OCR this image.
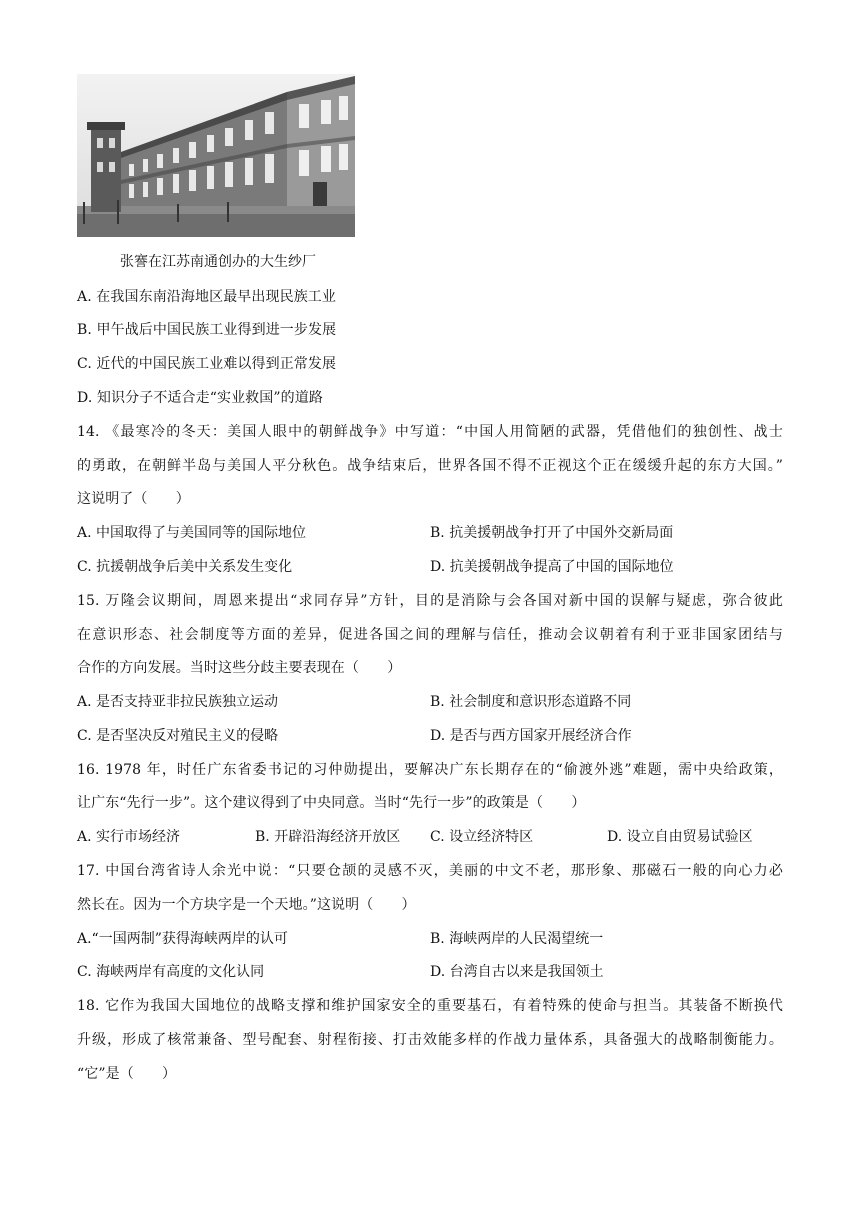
张謇在江苏南通创办的大生纱厂
A. 在我国东南沿海地区最早出现民族工业
B. 甲午战后中国民族工业得到进一步发展
C. 近代的中国民族工业难以得到正常发展
D. 知识分子不适合走“实业救国”的道路
14. 《最寒冷的冬天：美国人眼中的朝鲜战争》中写道：“中国人用简陋的武器，凭借他们的独创性、战士
的勇敢，在朝鲜半岛与美国人平分秋色。战争结束后，世界各国不得不正视这个正在缓缓升起的东方大国。”
这说明了（　　）
A. 中国取得了与美国同等的国际地位	B. 抗美援朝战争打开了中国外交新局面
C. 抗援朝战争后美中关系发生变化	D. 抗美援朝战争提高了中国的国际地位
15. 万隆会议期间，周恩来提出“求同存异”方针，目的是消除与会各国对新中国的误解与疑虑，弥合彼此
在意识形态、社会制度等方面的差异，促进各国之间的理解与信任，推动会议朝着有利于亚非国家团结与
合作的方向发展。当时这些分歧主要表现在（　　）
A. 是否支持亚非拉民族独立运动	B. 社会制度和意识形态道路不同
C. 是否坚决反对殖民主义的侵略	D. 是否与西方国家开展经济合作
16. 1978 年，时任广东省委书记的习仲勋提出，要解决广东长期存在的“偷渡外逃”难题，需中央给政策，
让广东“先行一步”。这个建议得到了中央同意。当时“先行一步”的政策是（　　）
A. 实行市场经济	B. 开辟沿海经济开放区 C. 设立经济特区	D. 设立自由贸易试验区
17. 中国台湾省诗人余光中说：“只要仓颉的灵感不灭，美丽的中文不老，那形象、那磁石一般的向心力必
然长在。因为一个方块字是一个天地。”这说明（　　）
A.“一国两制”获得海峡两岸的认可	B. 海峡两岸的人民渴望统一
C. 海峡两岸有高度的文化认同	D. 台湾自古以来是我国领土
18. 它作为我国大国地位的战略支撑和维护国家安全的重要基石，有着特殊的使命与担当。其装备不断换代
升级，形成了核常兼备、型号配套、射程衔接、打击效能多样的作战力量体系，具备强大的战略制衡能力。
“它”是（　　）
